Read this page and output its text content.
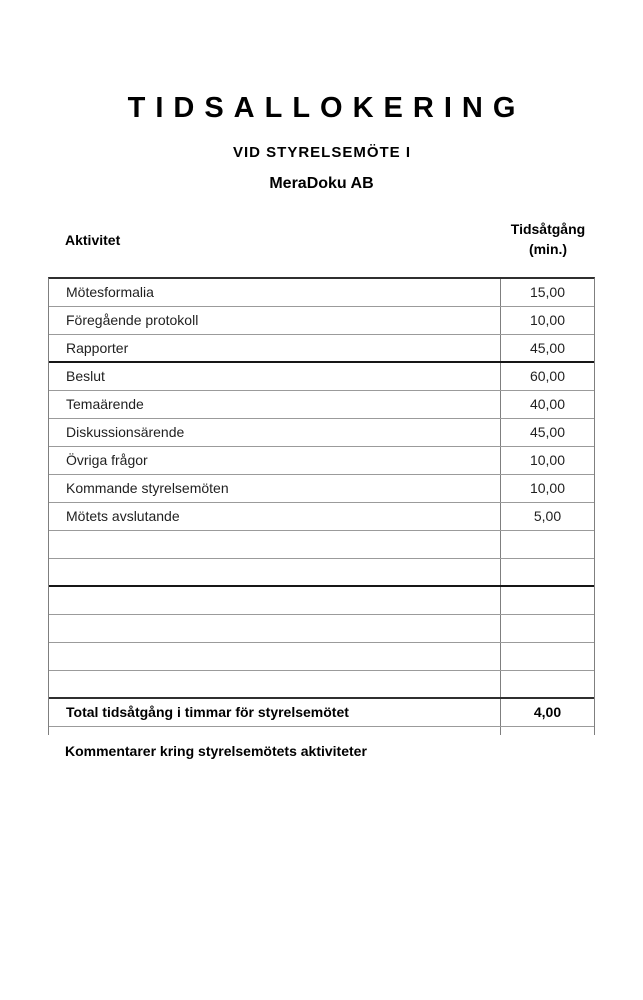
TIDSALLOKERING
VID STYRELSEMÖTE I
MeraDoku AB
Aktivitet
Tidsåtgång
(min.)
Mötesformalia	15,00
Föregående protokoll	10,00
Rapporter	45,00
Beslut	60,00
Temaärende	40,00
Diskussionsärende	45,00
Övriga frågor	10,00
Kommande styrelsemöten	10,00
Mötets avslutande	5,00
Total tidsåtgång i timmar för styrelsemötet	4,00
Kommentarer kring styrelsemötets aktiviteter
